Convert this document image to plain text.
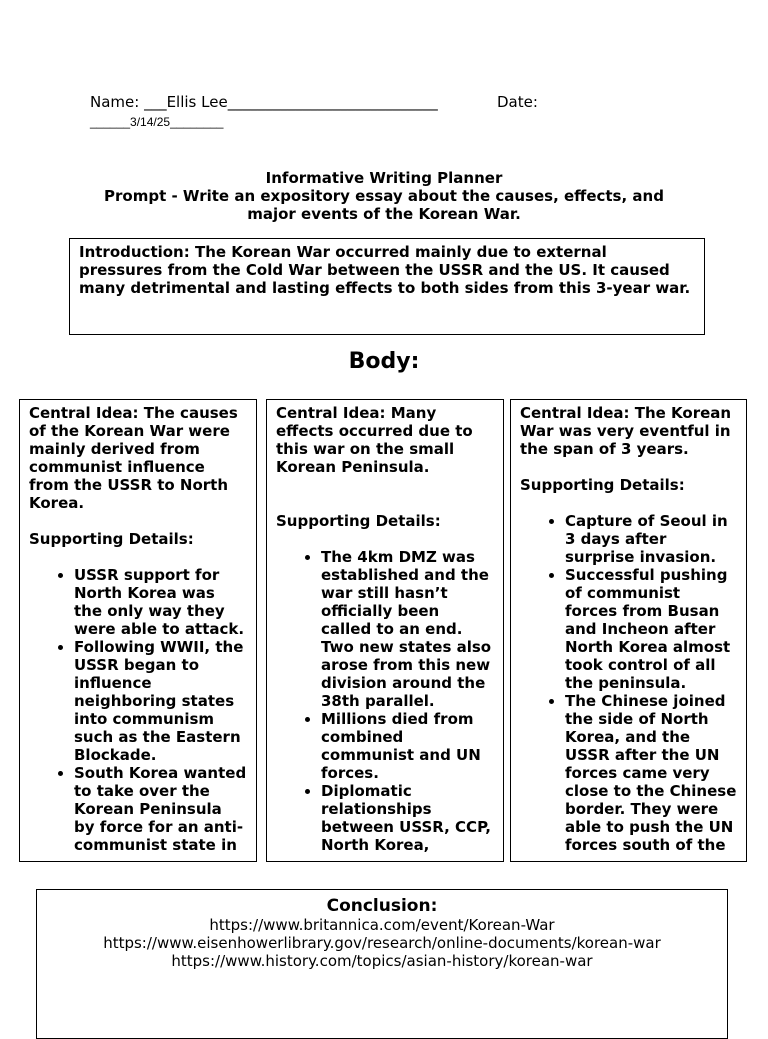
Name: ___Ellis Lee____________________________	Date:
______3/14/25________
Informative Writing Planner
Prompt - Write an expository essay about the causes, effects, and
major events of the Korean War.
Introduction: The Korean War occurred mainly due to external pressures from the Cold War between the USSR and the US. It caused many detrimental and lasting effects to both sides from this 3-year war.
Body:

Central Idea: The causes of the Korean War were mainly derived from communist influence from the USSR to North Korea.

Supporting Details:

• USSR support for North Korea was the only way they were able to attack.
• Following WWII, the USSR began to influence neighboring states into communism such as the Eastern Blockade.
• South Korea wanted to take over the Korean Peninsula by force for an anti-communist state in

Central Idea: Many effects occurred due to this war on the small Korean Peninsula.

Supporting Details:

• The 4km DMZ was established and the war still hasn’t officially been called to an end. Two new states also arose from this new division around the 38th parallel.
• Millions died from combined communist and UN forces.
• Diplomatic relationships between USSR, CCP, North Korea,

Central Idea: The Korean War was very eventful in the span of 3 years.

Supporting Details:

• Capture of Seoul in 3 days after surprise invasion.
• Successful pushing of communist forces from Busan and Incheon after North Korea almost took control of all the peninsula.
• The Chinese joined the side of North Korea, and the USSR after the UN forces came very close to the Chinese border. They were able to push the UN forces south of the
Conclusion:
https://www.britannica.com/event/Korean-War
https://www.eisenhowerlibrary.gov/research/online-documents/korean-war
https://www.history.com/topics/asian-history/korean-war
